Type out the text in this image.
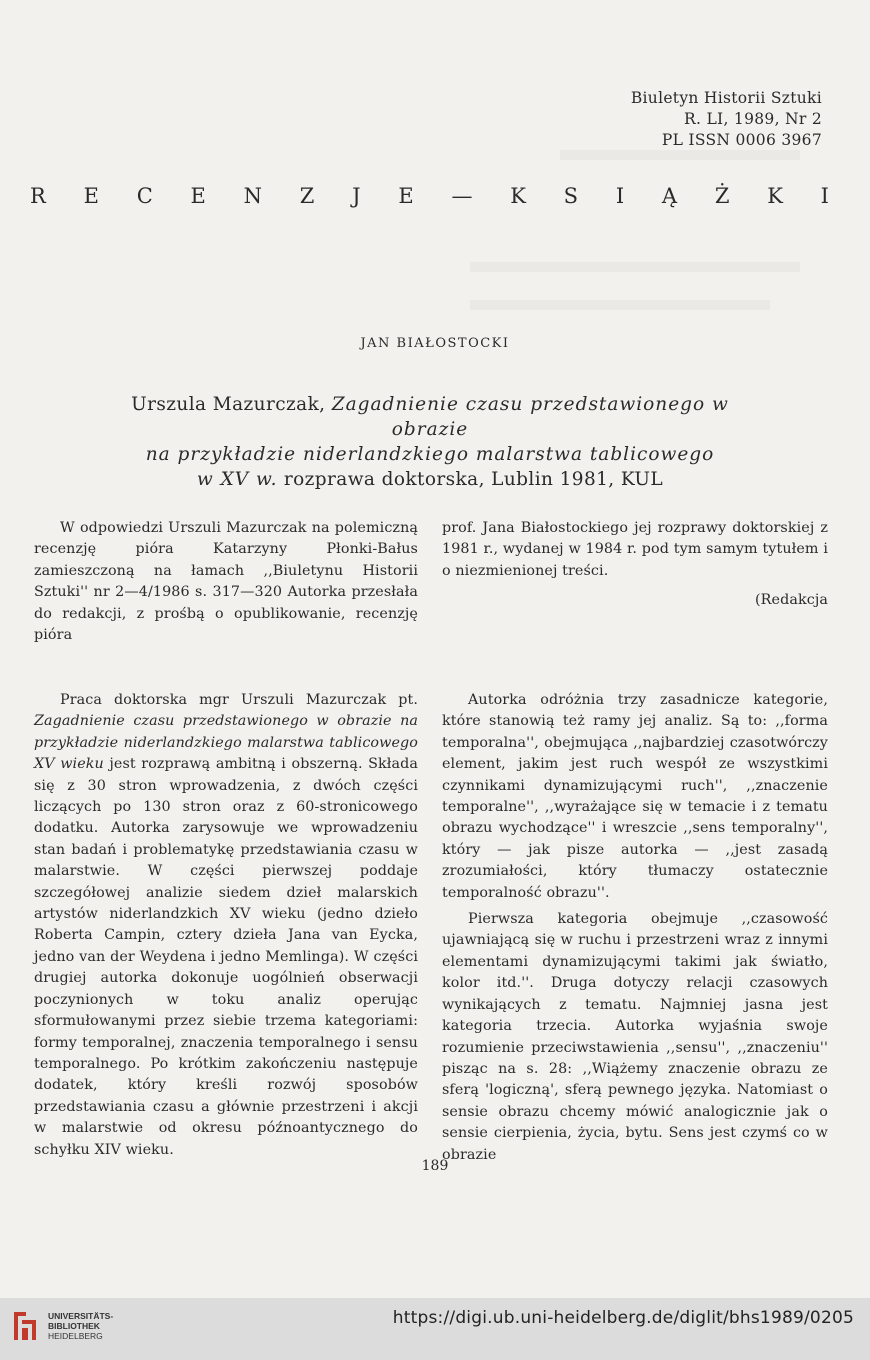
Biuletyn Historii Sztuki
R. LI, 1989, Nr 2
PL ISSN 0006 3967
R E C E N Z J E — K S I Ą Ż K I
JAN BIAŁOSTOCKI
Urszula Mazurczak, Zagadnienie czasu przedstawionego w obrazie
na przykładzie niderlandzkiego malarstwa tablicowego
w XV w. rozprawa doktorska, Lublin 1981, KUL

W odpowiedzi Urszuli Mazurczak na polemiczną recenzję pióra Katarzyny Płonki-Bałus zamieszczoną na łamach ,,Biuletynu Historii Sztuki'' nr 2—4/1986 s. 317—320 Autorka przesłała do redakcji, z prośbą o opublikowanie, recenzję pióra

prof. Jana Białostockiego jej rozprawy doktorskiej z 1981 r., wydanej w 1984 r. pod tym samym tytułem i o niezmienionej treści.

(Redakcja

Praca doktorska mgr Urszuli Mazurczak pt. Zagadnienie czasu przedstawionego w obrazie na przykładzie niderlandzkiego malarstwa tablicowego XV wieku jest rozprawą ambitną i obszerną. Składa się z 30 stron wprowadzenia, z dwóch części liczących po 130 stron oraz z 60-stronicowego dodatku. Autorka zarysowuje we wprowadzeniu stan badań i problematykę przedstawiania czasu w malarstwie. W części pierwszej poddaje szczegółowej analizie siedem dzieł malarskich artystów niderlandzkich XV wieku (jedno dzieło Roberta Campin, cztery dzieła Jana van Eycka, jedno van der Weydena i jedno Memlinga). W części drugiej autorka dokonuje uogólnień obserwacji poczynionych w toku analiz operując sformułowanymi przez siebie trzema kategoriami: formy temporalnej, znaczenia temporalnego i sensu temporalnego. Po krótkim zakończeniu następuje dodatek, który kreśli rozwój sposobów przedstawiania czasu a głównie przestrzeni i akcji w malarstwie od okresu późnoantycznego do schyłku XIV wieku.

Autorka odróżnia trzy zasadnicze kategorie, które stanowią też ramy jej analiz. Są to: ,,forma temporalna'', obejmująca ,,najbardziej czasotwórczy element, jakim jest ruch wespół ze wszystkimi czynnikami dynamizującymi ruch'', ,,znaczenie temporalne'', ,,wyrażające się w temacie i z tematu obrazu wychodzące'' i wreszcie ,,sens temporalny'', który — jak pisze autorka — ,,jest zasadą zrozumiałości, który tłumaczy ostatecznie temporalność obrazu''.

Pierwsza kategoria obejmuje ,,czasowość ujawniającą się w ruchu i przestrzeni wraz z innymi elementami dynamizującymi takimi jak światło, kolor itd.''. Druga dotyczy relacji czasowych wynikających z tematu. Najmniej jasna jest kategoria trzecia. Autorka wyjaśnia swoje rozumienie przeciwstawienia ,,sensu'', ,,znaczeniu'' pisząc na s. 28: ,,Wiążemy znaczenie obrazu ze sferą 'logiczną', sferą pewnego języka. Natomiast o sensie obrazu chcemy mówić analogicznie jak o sensie cierpienia, życia, bytu. Sens jest czymś co w obrazie

189
UNIVERSITÄTS-
BIBLIOTHEK
HEIDELBERG
https://digi.ub.uni-heidelberg.de/diglit/bhs1989/0205
